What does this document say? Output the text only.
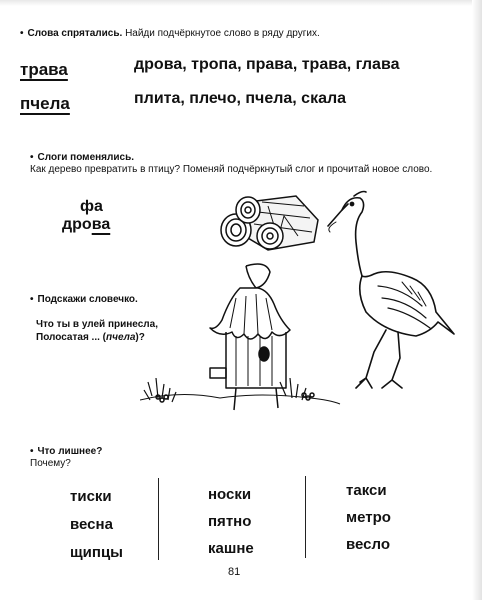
• Слова спрятались. Найди подчёркнутое слово в ряду других.
трава	дрова, тропа, права, трава, глава
пчела	плита, плечо, пчела, скала
• Слоги поменялись.
Как дерево превратить в птицу? Поменяй подчёркнутый слог и прочитай новое слово.
фа
дрова
• Подскажи словечко.
Что ты в улей принесла,
Полосатая ... (пчела)?
• Что лишнее?
Почему?
тиски
весна
щипцы
носки
пятно
кашне
такси
метро
весло
81
